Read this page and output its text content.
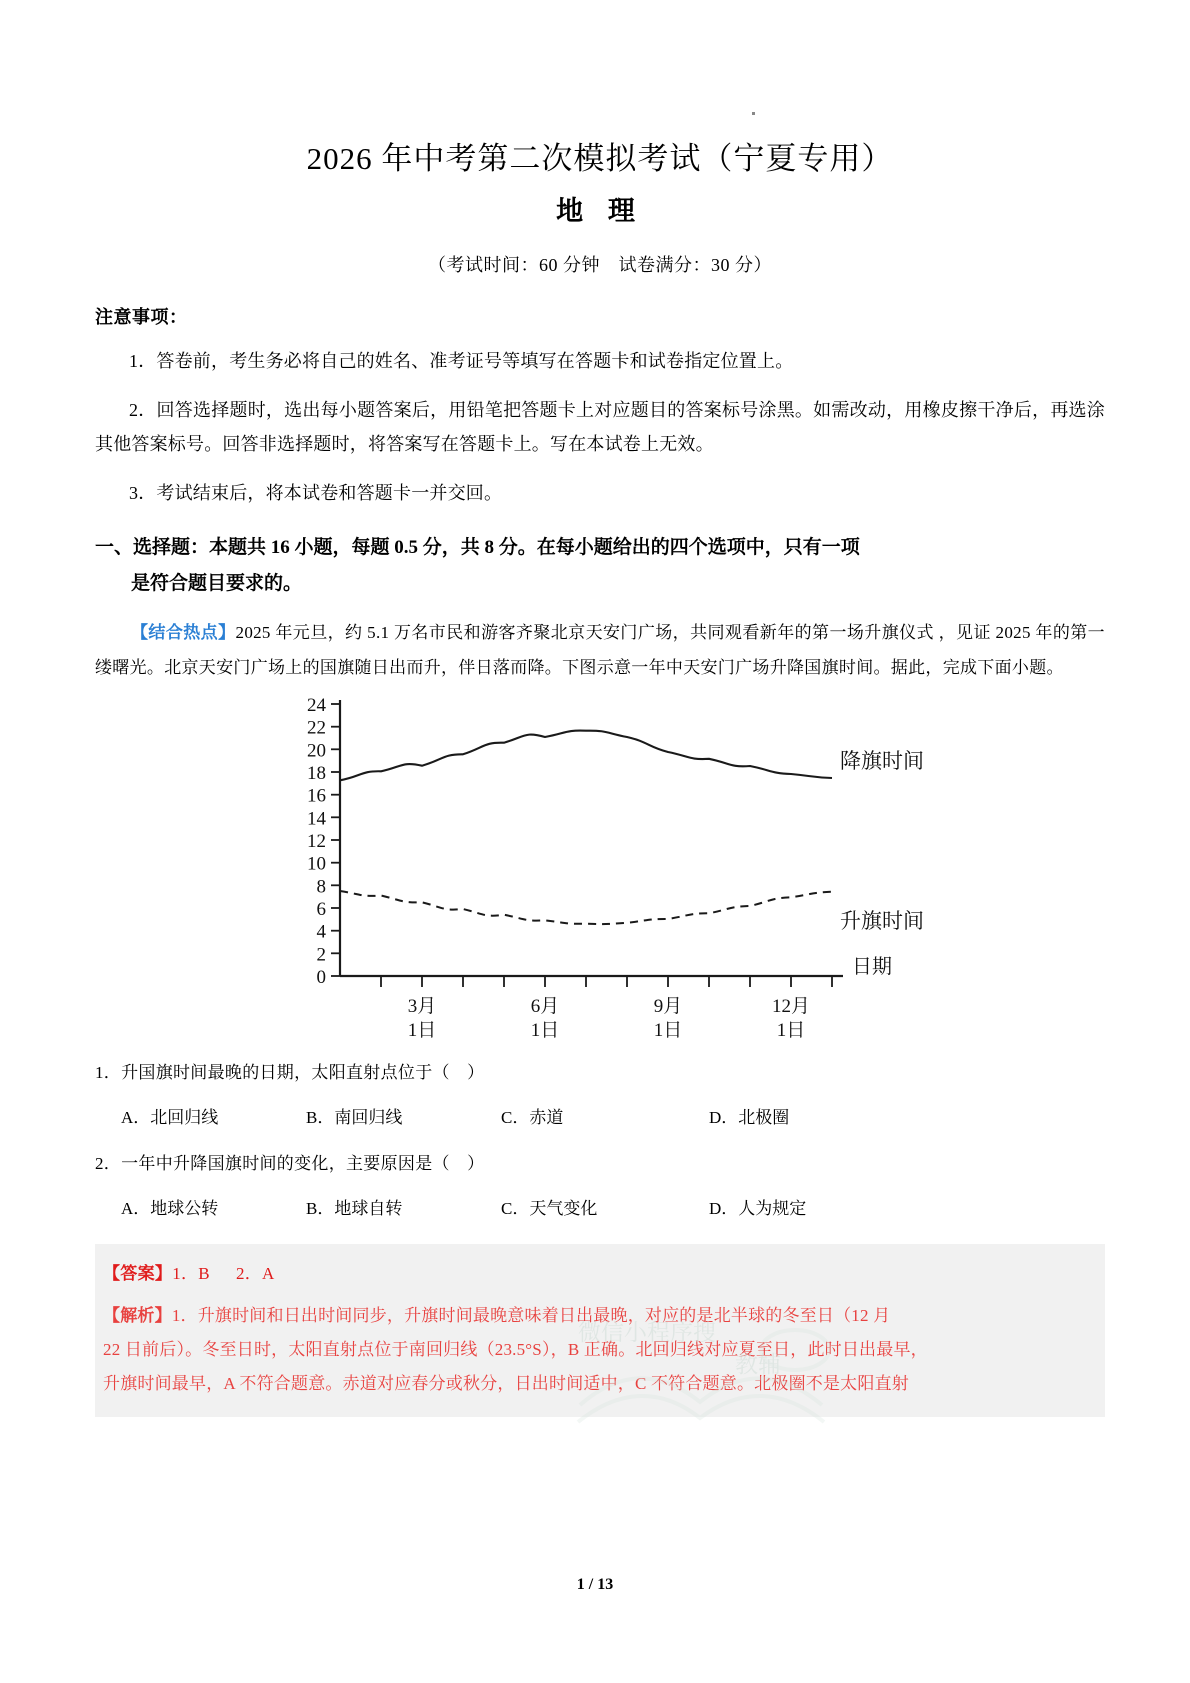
2026 年中考第二次模拟考试（宁夏专用）
地 理

（考试时间：60 分钟　试卷满分：30 分）

注意事项：

1．答卷前，考生务必将自己的姓名、准考证号等填写在答题卡和试卷指定位置上。

2．回答选择题时，选出每小题答案后，用铅笔把答题卡上对应题目的答案标号涂黑。如需改动，用橡皮擦干净后，再选涂其他答案标号。回答非选择题时，将答案写在答题卡上。写在本试卷上无效。

3．考试结束后，将本试卷和答题卡一并交回。

一、选择题：本题共 16 小题，每题 0.5 分，共 8 分。在每小题给出的四个选项中，只有一项
是符合题目要求的。

【结合热点】2025 年元旦，约 5.1 万名市民和游客齐聚北京天安门广场，共同观看新年的第一场升旗仪式 ，见证 2025 年的第一缕曙光。北京天安门广场上的国旗随日出而升，伴日落而降。下图示意一年中天安门广场升降国旗时间。据此，完成下面小题。

24
22
20
18
16
14
12
10
8
6
4
2
0
3月
1日
6月
1日
9月
1日
12月
1日
日期
降旗时间
升旗时间
微信小程序搜
教辅

1．升国旗时间最晚的日期，太阳直射点位于（　）

A．北回归线	B．南回归线	C．赤道	D．北极圈

2．一年中升降国旗时间的变化，主要原因是（　）

A．地球公转	B．地球自转	C．天气变化	D．人为规定

【答案】1．B 2．A

【解析】1．升旗时间和日出时间同步，升旗时间最晚意味着日出最晚，对应的是北半球的冬至日（12 月

22 日前后）。冬至日时，太阳直射点位于南回归线（23.5°S），B 正确。北回归线对应夏至日，此时日出最早，

升旗时间最早，A 不符合题意。赤道对应春分或秋分，日出时间适中，C 不符合题意。北极圈不是太阳直射

1 / 13
